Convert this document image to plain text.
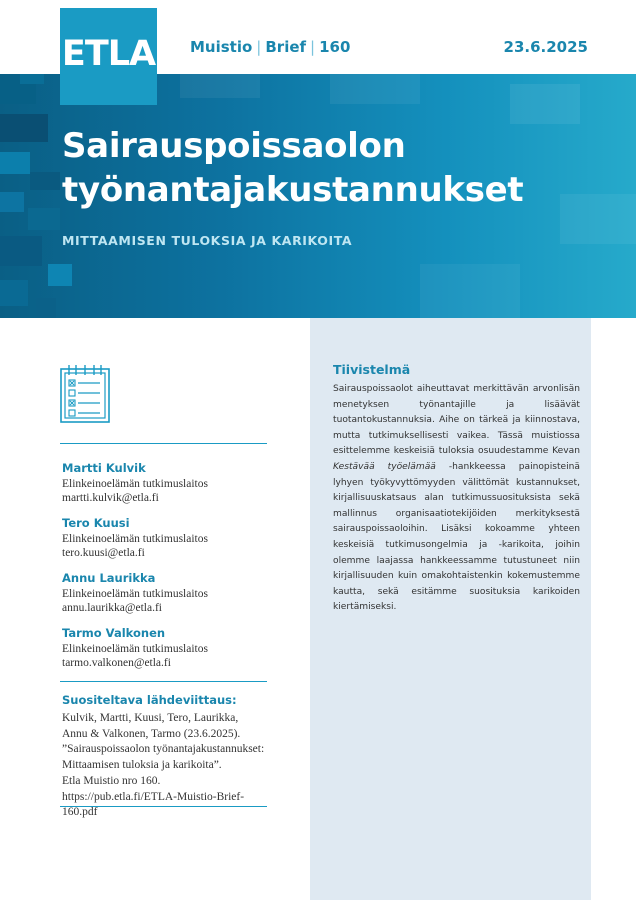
ETLA Muistio | Brief | 160	23.6.2025
Sairauspoissaolon
työnantajakustannukset
MITTAAMISEN TULOKSIA JA KARIKOITA
Martti Kulvik
Elinkeinoelämän tutkimuslaitos
martti.kulvik@etla.fi
Tero Kuusi
Elinkeinoelämän tutkimuslaitos
tero.kuusi@etla.fi
Annu Laurikka
Elinkeinoelämän tutkimuslaitos
annu.laurikka@etla.fi
Tarmo Valkonen
Elinkeinoelämän tutkimuslaitos
tarmo.valkonen@etla.fi
Suositeltava lähdeviittaus:
Kulvik, Martti, Kuusi, Tero, Laurikka,
Annu & Valkonen, Tarmo (23.6.2025).
”Sairauspoissaolon työnantajakustannukset:
Mittaamisen tuloksia ja karikoita”.
Etla Muistio nro 160.
https://pub.etla.fi/ETLA-Muistio-Brief-160.pdf
Tiivistelmä

Sairauspoissaolot aiheuttavat merkittävän arvonlisän menetyksen työnantajille ja lisäävät tuotantokustannuksia. Aihe on tärkeä ja kiinnostava, mutta tutkimuksellisesti vaikea. Tässä muistiossa esittelemme keskeisiä tuloksia osuudestamme Kevan Kestävää työelämää -hankkeessa painopisteinä lyhyen työkyvyttömyyden välittömät kustannukset, kirjallisuuskatsaus alan tutkimussuosituksista sekä mallinnus organisaatiotekijöiden merkityksestä sairauspoissaoloihin. Lisäksi kokoamme yhteen keskeisiä tutkimusongelmia ja -karikoita, joihin olemme laajassa hankkeessamme tutustuneet niin kirjallisuuden kuin omakohtaistenkin kokemustemme kautta, sekä esitämme suosituksia karikoiden kiertämiseksi.
